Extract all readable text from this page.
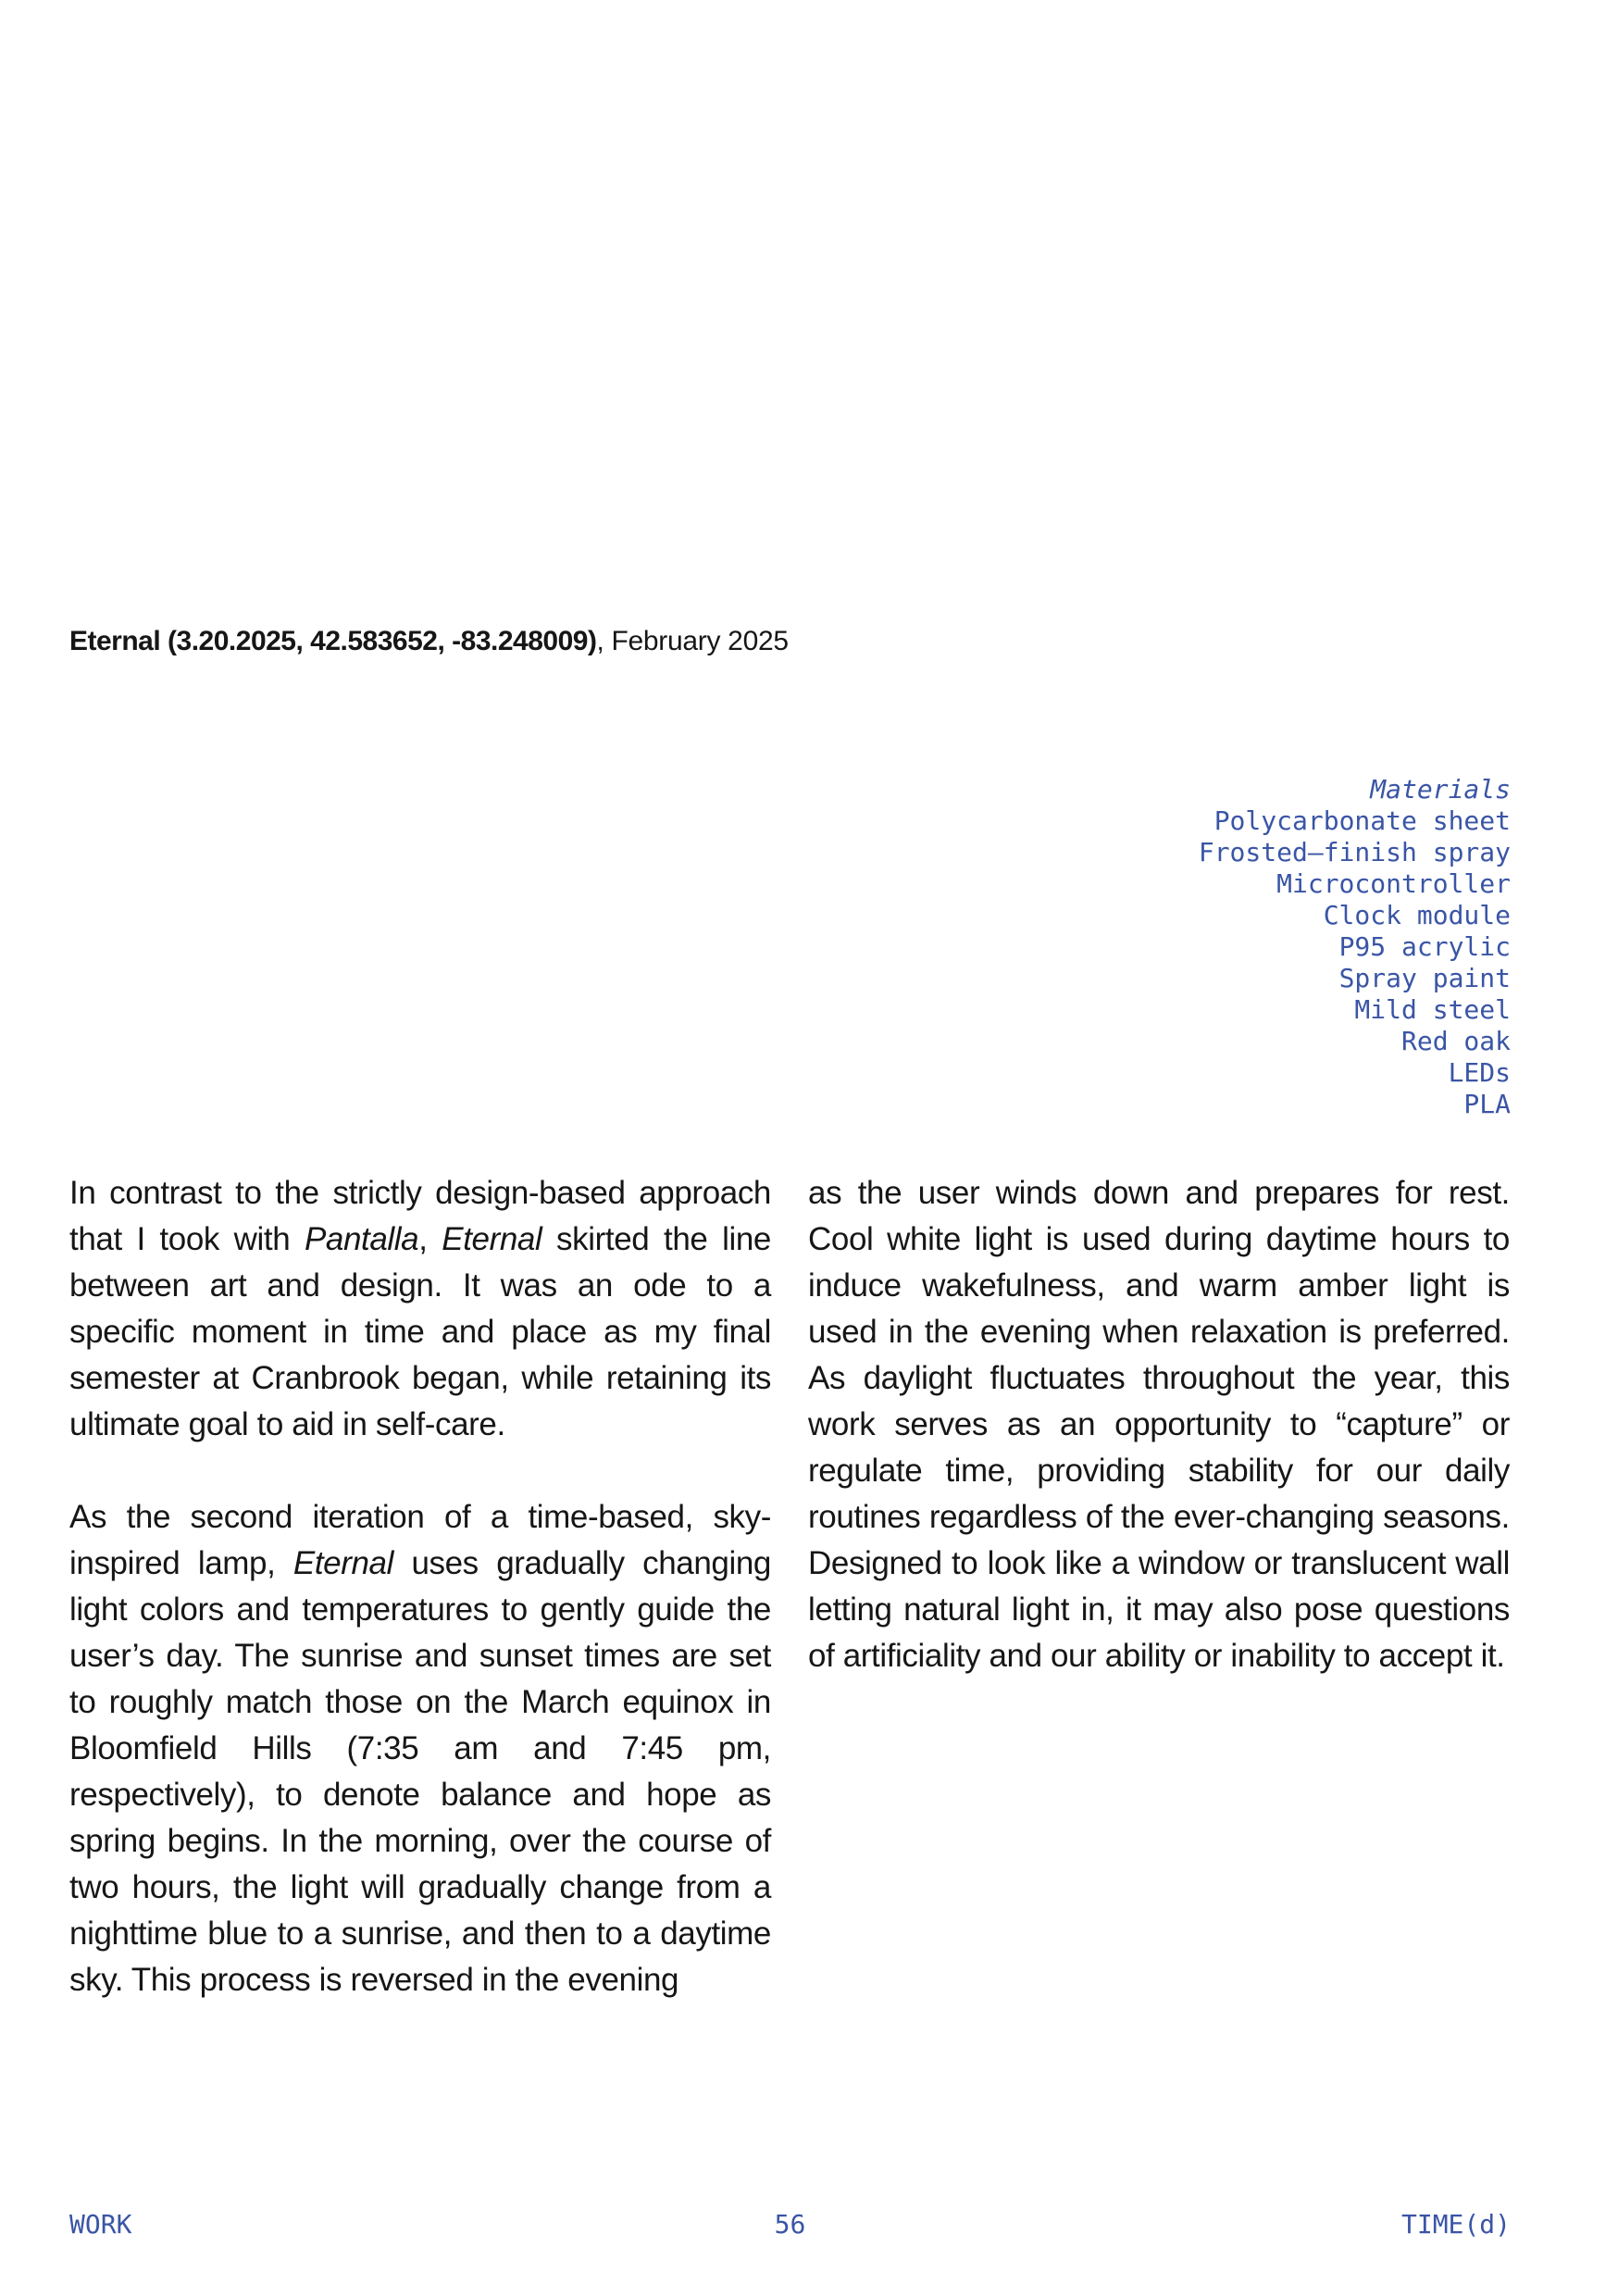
Eternal (3.20.2025, 42.583652, -83.248009), February 2025
Materials
Polycarbonate sheet
Frosted–finish spray
Microcontroller
Clock module
P95 acrylic
Spray paint
Mild steel
Red oak
LEDs
PLA

In contrast to the strictly design-based approach that I took with Pantalla, Eternal skirted the line between art and design. It was an ode to a specific moment in time and place as my final semester at Cranbrook began, while retaining its ultimate goal to aid in self-care.

As the second iteration of a time-based, sky-inspired lamp, Eternal uses gradually changing light colors and temperatures to gently guide the user’s day. The sunrise and sunset times are set to roughly match those on the March equinox in Bloomfield Hills (7:35 am and 7:45 pm, respectively), to denote balance and hope as spring begins. In the morning, over the course of two hours, the light will gradually change from a nighttime blue to a sunrise, and then to a daytime sky. This process is reversed in the evening

as the user winds down and prepares for rest. Cool white light is used during daytime hours to induce wakefulness, and warm amber light is used in the evening when relaxation is preferred. As daylight fluctuates throughout the year, this work serves as an opportunity to “capture” or regulate time, providing stability for our daily routines regardless of the ever-changing seasons. Designed to look like a window or translucent wall letting natural light in, it may also pose questions of artificiality and our ability or inability to accept it.

WORK	56	TIME(d)
